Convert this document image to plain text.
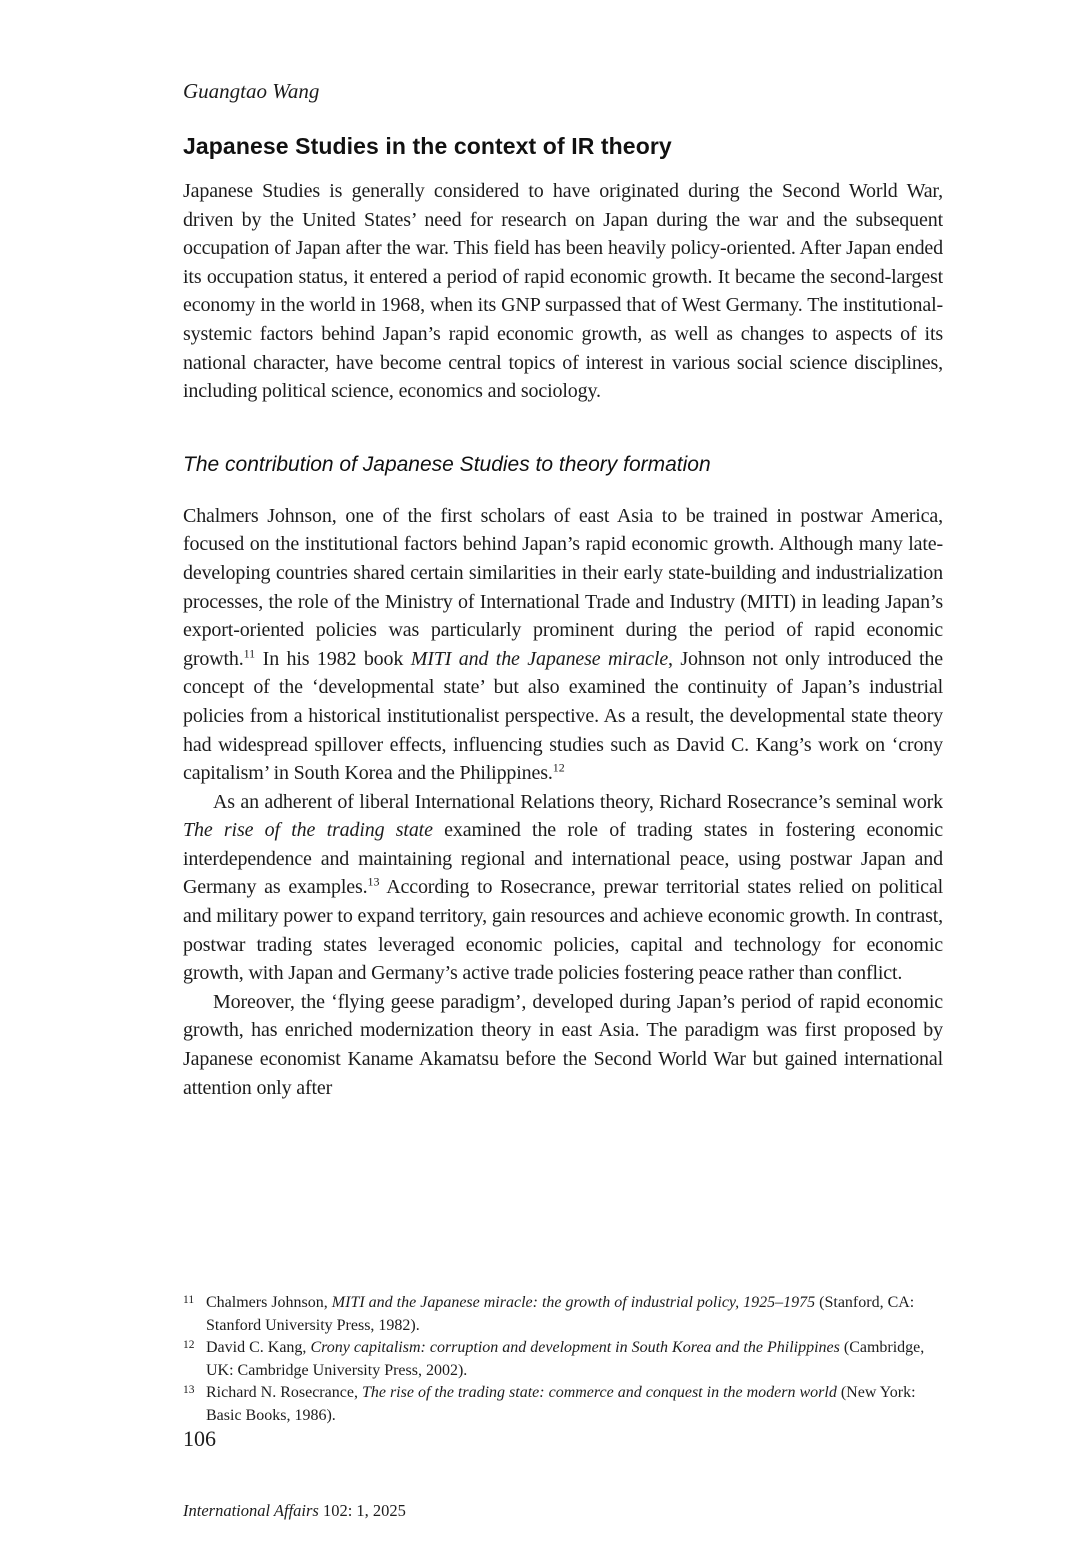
Guangtao Wang
Japanese Studies in the context of IR theory

Japanese Studies is generally considered to have originated during the Second World War, driven by the United States’ need for research on Japan during the war and the subsequent occupation of Japan after the war. This field has been heavily policy-oriented. After Japan ended its occupation status, it entered a period of rapid economic growth. It became the second-largest economy in the world in 1968, when its GNP surpassed that of West Germany. The institutional-systemic factors behind Japan’s rapid economic growth, as well as changes to aspects of its national character, have become central topics of interest in various social science disciplines, including political science, economics and sociology.

The contribution of Japanese Studies to theory formation

Chalmers Johnson, one of the first scholars of east Asia to be trained in postwar America, focused on the institutional factors behind Japan’s rapid economic growth. Although many late-developing countries shared certain similarities in their early state-building and industrialization processes, the role of the Ministry of International Trade and Industry (MITI) in leading Japan’s export-oriented policies was particularly prominent during the period of rapid economic growth.$^{11}$ In his 1982 book MITI and the Japanese miracle, Johnson not only introduced the concept of the ‘developmental state’ but also examined the continuity of Japan’s industrial policies from a historical institutionalist perspective. As a result, the developmental state theory had widespread spillover effects, influencing studies such as David C. Kang’s work on ‘crony capitalism’ in South Korea and the Philippines.$^{12}$

As an adherent of liberal International Relations theory, Richard Rosecrance’s seminal work The rise of the trading state examined the role of trading states in fostering economic interdependence and maintaining regional and international peace, using postwar Japan and Germany as examples.$^{13}$ According to Rosecrance, prewar territorial states relied on political and military power to expand territory, gain resources and achieve economic growth. In contrast, postwar trading states leveraged economic policies, capital and technology for economic growth, with Japan and Germany’s active trade policies fostering peace rather than conflict.

Moreover, the ‘flying geese paradigm’, developed during Japan’s period of rapid economic growth, has enriched modernization theory in east Asia. The paradigm was first proposed by Japanese economist Kaname Akamatsu before the Second World War but gained international attention only after

11 Chalmers Johnson, MITI and the Japanese miracle: the growth of industrial policy, 1925–1975 (Stanford, CA: Stanford University Press, 1982).
12 David C. Kang, Crony capitalism: corruption and development in South Korea and the Philippines (Cambridge, UK: Cambridge University Press, 2002).
13 Richard N. Rosecrance, The rise of the trading state: commerce and conquest in the modern world (New York: Basic Books, 1986).
106
International Affairs 102: 1, 2025
